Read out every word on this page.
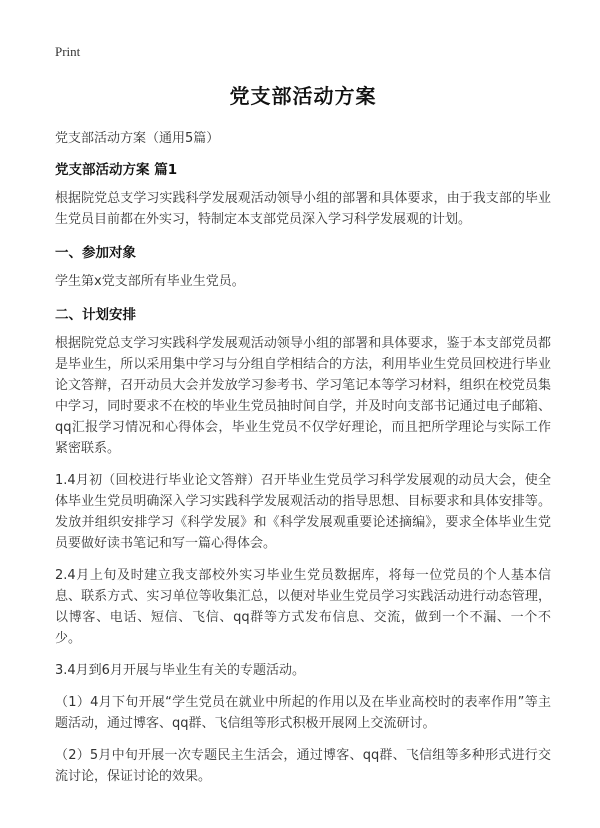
Print
党支部活动方案

党支部活动方案（通用5篇）

党支部活动方案 篇1

根据院党总支学习实践科学发展观活动领导小组的部署和具体要求，由于我支部的毕业生党员目前都在外实习，特制定本支部党员深入学习科学发展观的计划。

一、参加对象

学生第x党支部所有毕业生党员。

二、计划安排

根据院党总支学习实践科学发展观活动领导小组的部署和具体要求，鉴于本支部党员都是毕业生，所以采用集中学习与分组自学相结合的方法，利用毕业生党员回校进行毕业论文答辩，召开动员大会并发放学习参考书、学习笔记本等学习材料，组织在校党员集中学习，同时要求不在校的毕业生党员抽时间自学，并及时向支部书记通过电子邮箱、qq汇报学习情况和心得体会，毕业生党员不仅学好理论，而且把所学理论与实际工作紧密联系。

1.4月初（回校进行毕业论文答辩）召开毕业生党员学习科学发展观的动员大会，使全体毕业生党员明确深入学习实践科学发展观活动的指导思想、目标要求和具体安排等。发放并组织安排学习《科学发展》和《科学发展观重要论述摘编》，要求全体毕业生党员要做好读书笔记和写一篇心得体会。

2.4月上旬及时建立我支部校外实习毕业生党员数据库，将每一位党员的个人基本信息、联系方式、实习单位等收集汇总，以便对毕业生党员学习实践活动进行动态管理，以博客、电话、短信、飞信、qq群等方式发布信息、交流，做到一个不漏、一个不少。

3.4月到6月开展与毕业生有关的专题活动。

（1）4月下旬开展“学生党员在就业中所起的作用以及在毕业高校时的表率作用”等主题活动，通过博客、qq群、飞信组等形式积极开展网上交流研讨。

（2）5月中旬开展一次专题民主生活会，通过博客、qq群、飞信组等多种形式进行交流讨论，保证讨论的效果。
